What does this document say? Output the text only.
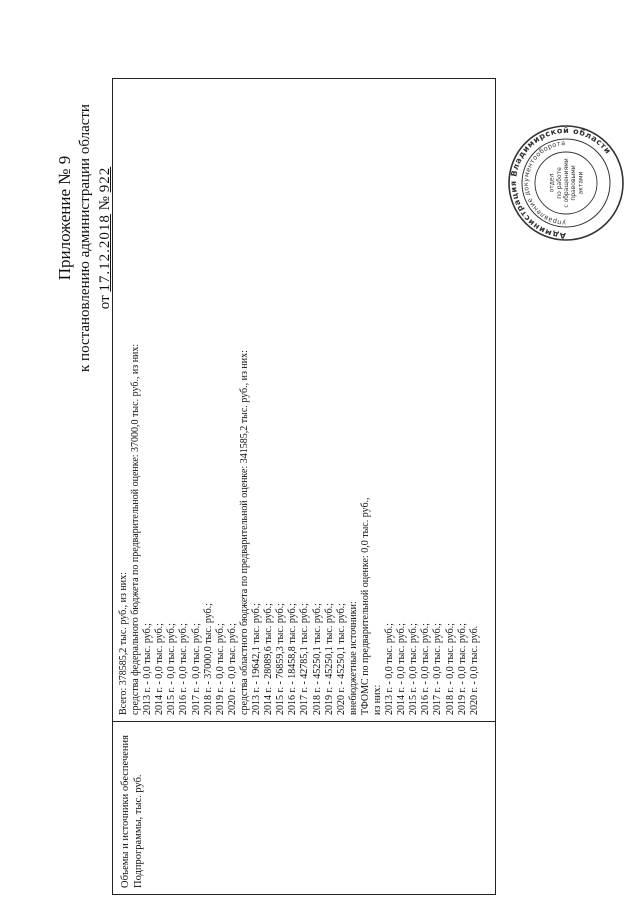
Приложение № 9 к постановлению администрации области от 17.12.2018 № 922
Объемы и источники обеспечения Подпрограммы, тыс. руб.
Всего: 378585,2 тыс. руб., из них: средства федерального бюджета по предварительной оценке: 37000,0 тыс. руб., из них: 2013 г. - 0,0 тыс. руб.; 2014 г. - 0,0 тыс. руб.; 2015 г. - 0,0 тыс. руб.; 2016 г. - 0,0 тыс. руб.; 2017 г. - 0,0 тыс. руб.; 2018 г. - 37000,0 тыс. руб.; 2019 г. - 0,0 тыс. руб.; 2020 г. - 0,0 тыс. руб.; средства областного бюджета по предварительной оценке: 341585,2 тыс. руб., из них: 2013 г. - 19642,1 тыс. руб.; 2014 г. - 28089,6 тыс. руб.; 2015 г. - 76859,3 тыс. руб.; 2016 г. - 18458,8 тыс. руб.; 2017 г. - 42785,1 тыс. руб.; 2018 г. - 45250,1 тыс. руб.; 2019 г. - 45250,1 тыс. руб.; 2020 г. - 45250,1 тыс. руб.; внебюджетные источники: ТФОМС по предварительной оценке: 0,0 тыс. руб., из них: 2013 г. - 0,0 тыс. руб.; 2014 г. - 0,0 тыс. руб.; 2015 г. - 0,0 тыс. руб.; 2016 г. - 0,0 тыс. руб.; 2017 г. - 0,0 тыс. руб.; 2018 г. - 0,0 тыс. руб.; 2019 г. - 0,0 тыс. руб.; 2020 г. - 0,0 тыс. руб.
Администрация Владимирской области
управление документооборота
отдел по работе с обращениями правовыми актами
